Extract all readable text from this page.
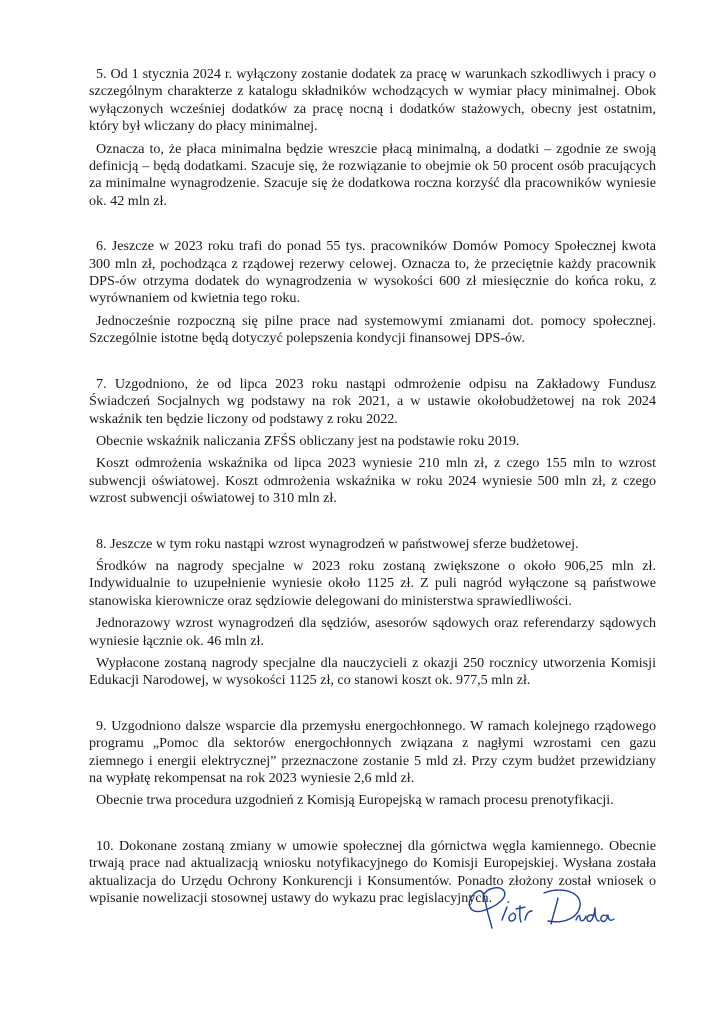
5. Od 1 stycznia 2024 r. wyłączony zostanie dodatek za pracę w warunkach szkodliwych i pracy o szczególnym charakterze z katalogu składników wchodzących w wymiar płacy minimalnej. Obok wyłączonych wcześniej dodatków za pracę nocną i dodatków stażowych, obecny jest ostatnim, który był wliczany do płacy minimalnej.

Oznacza to, że płaca minimalna będzie wreszcie płacą minimalną, a dodatki – zgodnie ze swoją definicją – będą dodatkami. Szacuje się, że rozwiązanie to obejmie ok 50 procent osób pracujących za minimalne wynagrodzenie. Szacuje się że dodatkowa roczna korzyść dla pracowników wyniesie ok. 42 mln zł.

6. Jeszcze w 2023 roku trafi do ponad 55 tys. pracowników Domów Pomocy Społecznej kwota 300 mln zł, pochodząca z rządowej rezerwy celowej. Oznacza to, że przeciętnie każdy pracownik DPS-ów otrzyma dodatek do wynagrodzenia w wysokości 600 zł miesięcznie do końca roku, z wyrównaniem od kwietnia tego roku.

Jednocześnie rozpoczną się pilne prace nad systemowymi zmianami dot. pomocy społecznej. Szczególnie istotne będą dotyczyć polepszenia kondycji finansowej DPS-ów.

7. Uzgodniono, że od lipca 2023 roku nastąpi odmrożenie odpisu na Zakładowy Fundusz Świadczeń Socjalnych wg podstawy na rok 2021, a w ustawie okołobudżetowej na rok 2024 wskaźnik ten będzie liczony od podstawy z roku 2022.

Obecnie wskaźnik naliczania ZFŚS obliczany jest na podstawie roku 2019.

Koszt odmrożenia wskaźnika od lipca 2023 wyniesie 210 mln zł, z czego 155 mln to wzrost subwencji oświatowej. Koszt odmrożenia wskaźnika w roku 2024 wyniesie 500 mln zł, z czego wzrost subwencji oświatowej to 310 mln zł.

8. Jeszcze w tym roku nastąpi wzrost wynagrodzeń w państwowej sferze budżetowej.

Środków na nagrody specjalne w 2023 roku zostaną zwiększone o około 906,25 mln zł. Indywidualnie to uzupełnienie wyniesie około 1125 zł. Z puli nagród wyłączone są państwowe stanowiska kierownicze oraz sędziowie delegowani do ministerstwa sprawiedliwości.

Jednorazowy wzrost wynagrodzeń dla sędziów, asesorów sądowych oraz referendarzy sądowych wyniesie łącznie ok. 46 mln zł.

Wypłacone zostaną nagrody specjalne dla nauczycieli z okazji 250 rocznicy utworzenia Komisji Edukacji Narodowej, w wysokości 1125 zł, co stanowi koszt ok. 977,5 mln zł.

9. Uzgodniono dalsze wsparcie dla przemysłu energochłonnego. W ramach kolejnego rządowego programu „Pomoc dla sektorów energochłonnych związana z nagłymi wzrostami cen gazu ziemnego i energii elektrycznej” przeznaczone zostanie 5 mld zł. Przy czym budżet przewidziany na wypłatę rekompensat na rok 2023 wyniesie 2,6 mld zł.

Obecnie trwa procedura uzgodnień z Komisją Europejską w ramach procesu prenotyfikacji.

10. Dokonane zostaną zmiany w umowie społecznej dla górnictwa węgla kamiennego. Obecnie trwają prace nad aktualizacją wniosku notyfikacyjnego do Komisji Europejskiej. Wysłana została aktualizacja do Urzędu Ochrony Konkurencji i Konsumentów. Ponadto złożony został wniosek o wpisanie nowelizacji stosownej ustawy do wykazu prac legislacyjnych.
